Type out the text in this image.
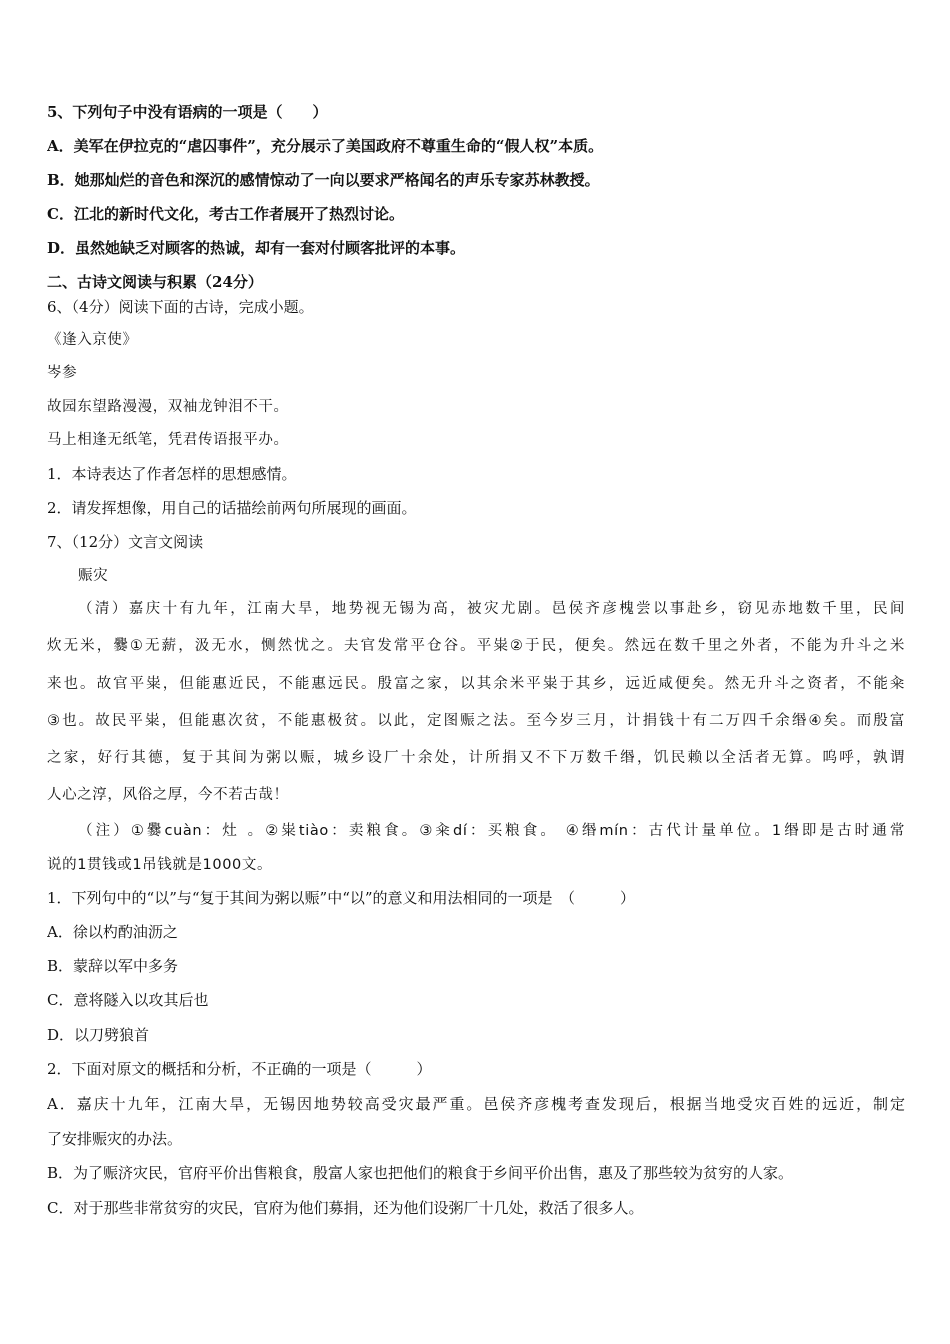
5、下列句子中没有语病的一项是（　　）
A．美军在伊拉克的“虐囚事件”，充分展示了美国政府不尊重生命的“假人权”本质。
B．她那灿烂的音色和深沉的感情惊动了一向以要求严格闻名的声乐专家苏林教授。
C．江北的新时代文化，考古工作者展开了热烈讨论。
D．虽然她缺乏对顾客的热诚，却有一套对付顾客批评的本事。
二、古诗文阅读与积累（24分）
6、（4分）阅读下面的古诗，完成小题。
《逢入京使》
岑参
故园东望路漫漫，双袖龙钟泪不干。
马上相逢无纸笔，凭君传语报平办。
1．本诗表达了作者怎样的思想感情。
2．请发挥想像，用自己的话描绘前两句所展现的画面。
7、（12分）文言文阅读
赈灾
（清）嘉庆十有九年，江南大旱，地势视无锡为高，被灾尤剧。邑侯齐彦槐尝以事赴乡，窃见赤地数千里，民间
炊无米，爨①无薪，汲无水，恻然忧之。夫官发常平仓谷。平粜②于民，便矣。然远在数千里之外者，不能为升斗之米
来也。故官平粜，但能惠近民，不能惠远民。殷富之家，以其余米平粜于其乡，远近咸便矣。然无升斗之资者，不能籴
③也。故民平粜，但能惠次贫，不能惠极贫。以此，定图赈之法。至今岁三月，计捐钱十有二万四千余缗④矣。而殷富
之家，好行其德，复于其间为粥以赈，城乡设厂十余处，计所捐又不下万数千缗，饥民赖以全活者无算。呜呼，孰谓
人心之淳，风俗之厚，今不若古哉！
（注）①爨cuàn：灶 。②粜tiào：卖粮食。③籴dí：买粮食。 ④缗mín：古代计量单位。1缗即是古时通常
说的1贯钱或1吊钱就是1000文。
1．下列句中的“以”与“复于其间为粥以赈”中“以”的意义和用法相同的一项是　（　　　）
A．徐以杓酌油沥之
B．蒙辞以军中多务
C．意将隧入以攻其后也
D．以刀劈狼首
2．下面对原文的概括和分析，不正确的一项是（　　　）
A．嘉庆十九年，江南大旱，无锡因地势较高受灾最严重。邑侯齐彦槐考查发现后，根据当地受灾百姓的远近，制定
了安排赈灾的办法。
B．为了赈济灾民，官府平价出售粮食，殷富人家也把他们的粮食于乡间平价出售，惠及了那些较为贫穷的人家。
C．对于那些非常贫穷的灾民，官府为他们募捐，还为他们设粥厂十几处，救活了很多人。
